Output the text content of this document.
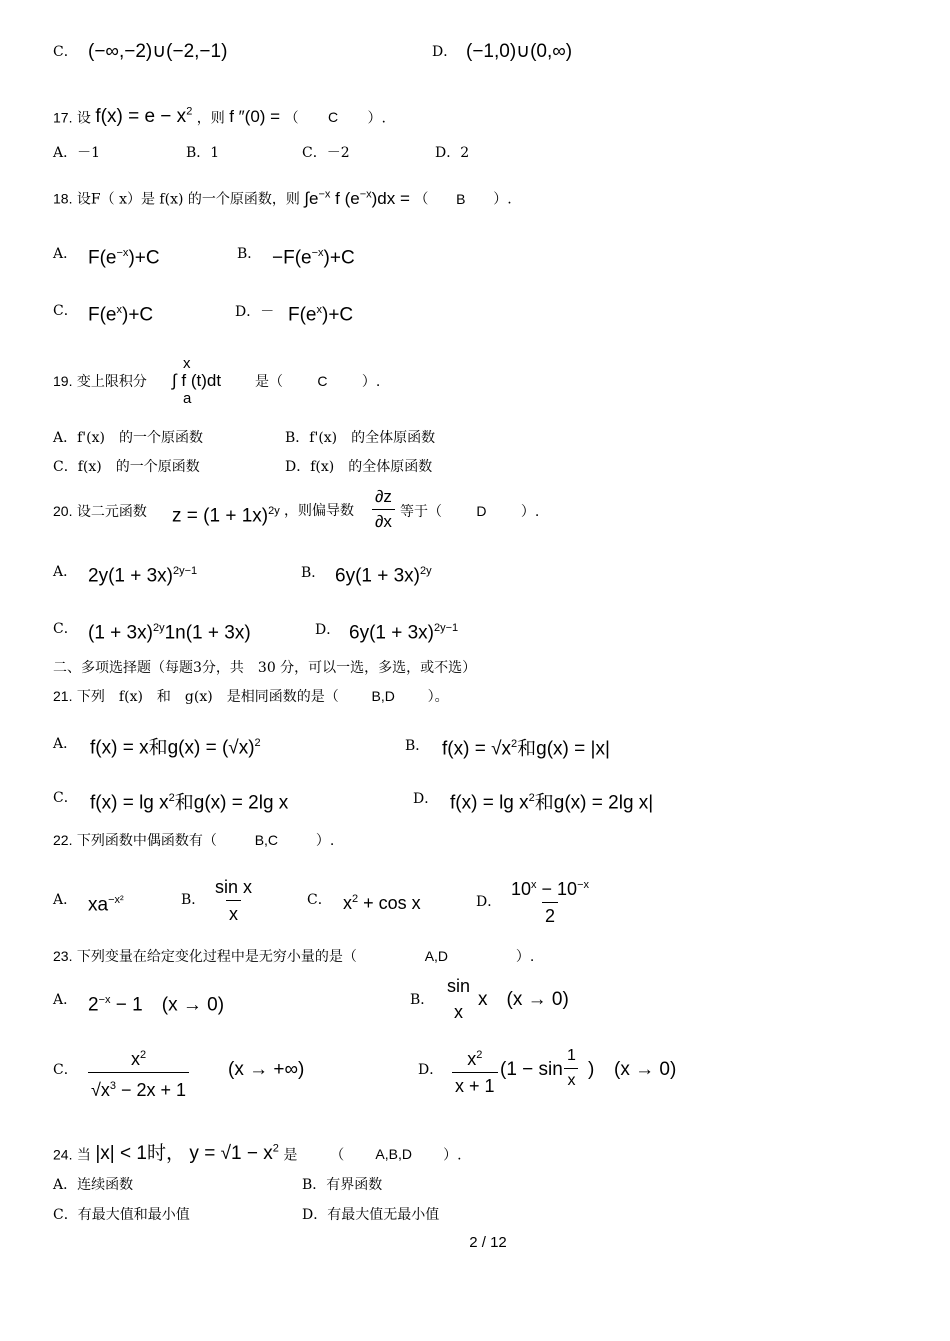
C． (−∞,−2)∪(−2,−1)	D． (−1,0)∪(0,∞)
17. 设 $f(x) = e - x^2$ ，则 f ″(0) = （ C ）.
A．－1	B．1	C．－2	D．2
18. 设F（ x）是 f(x) 的一个原函数，则 $\int e^{-x}$ f $(e^{-x})dx$ = （ B ）.
A． $F(e^{-x})+C$	B． $-F(e^{-x})+C$
C． $F(e^x)+C$	D．－ $F(e^x)+C$
19. 变上限积分
x
∫ f (t)dt
a
是（ C ）.
A．f'(x)　的一个原函数	B．f'(x)　的全体原函数
C．f(x)　的一个原函数	D．f(x)　的全体原函数
20. 设二元函数 $z = (1 + 1x)^{2y}$ ，则偏导数 $\frac{\partial z}{\partial x}$ 等于（ D ）.
A． $2y(1 + 3x)^{2y-1}$	B． $6y(1 + 3x)^{2y}$
C． $(1 + 3x)^{2y}1n(1 + 3x)$	D． $6y(1 + 3x)^{2y-1}$
二、多项选择题（每题3分，共　30 分，可以一选，多选，或不选）
21. 下列　f(x)　和　g(x)　是相同函数的是（ B,D ）。
A． f(x) = x和$g(x) = (√x)^2$	B． $f(x) = √x^2$和g(x) = |x|
C． $f(x) = \lg x^2$和g(x) = 2lg x	D． $f(x) = \lg x^2$和g(x) = 2lg x|
22. 下列函数中偶函数有（	B,C	）.
A． $xa^{-x^2}$	B． $\frac{\text{sin x}}{x}$	C． $x^2 + \cos x$	D． $\frac{10^x - 10^{-x}}{2}$
23. 下列变量在给定变化过程中是无穷小量的是（	A,D	）.
A． $2^{-x} - 1$　(x → 0)	B．
sin
x
x　(x → 0)
C． $\frac{x^2}{√x^3 - 2x + 1} (x$ → +∞)	D． $\frac{x^2}{x + 1} (1 - \sin \frac{1}{x}$ ) (x → 0)
24. 当 |x| < 1时， $y = √1 - x^2$ 是 （ A,B,D ）.
A．连续函数	B．有界函数
C．有最大值和最小值	D．有最大值无最小值
2 / 12
